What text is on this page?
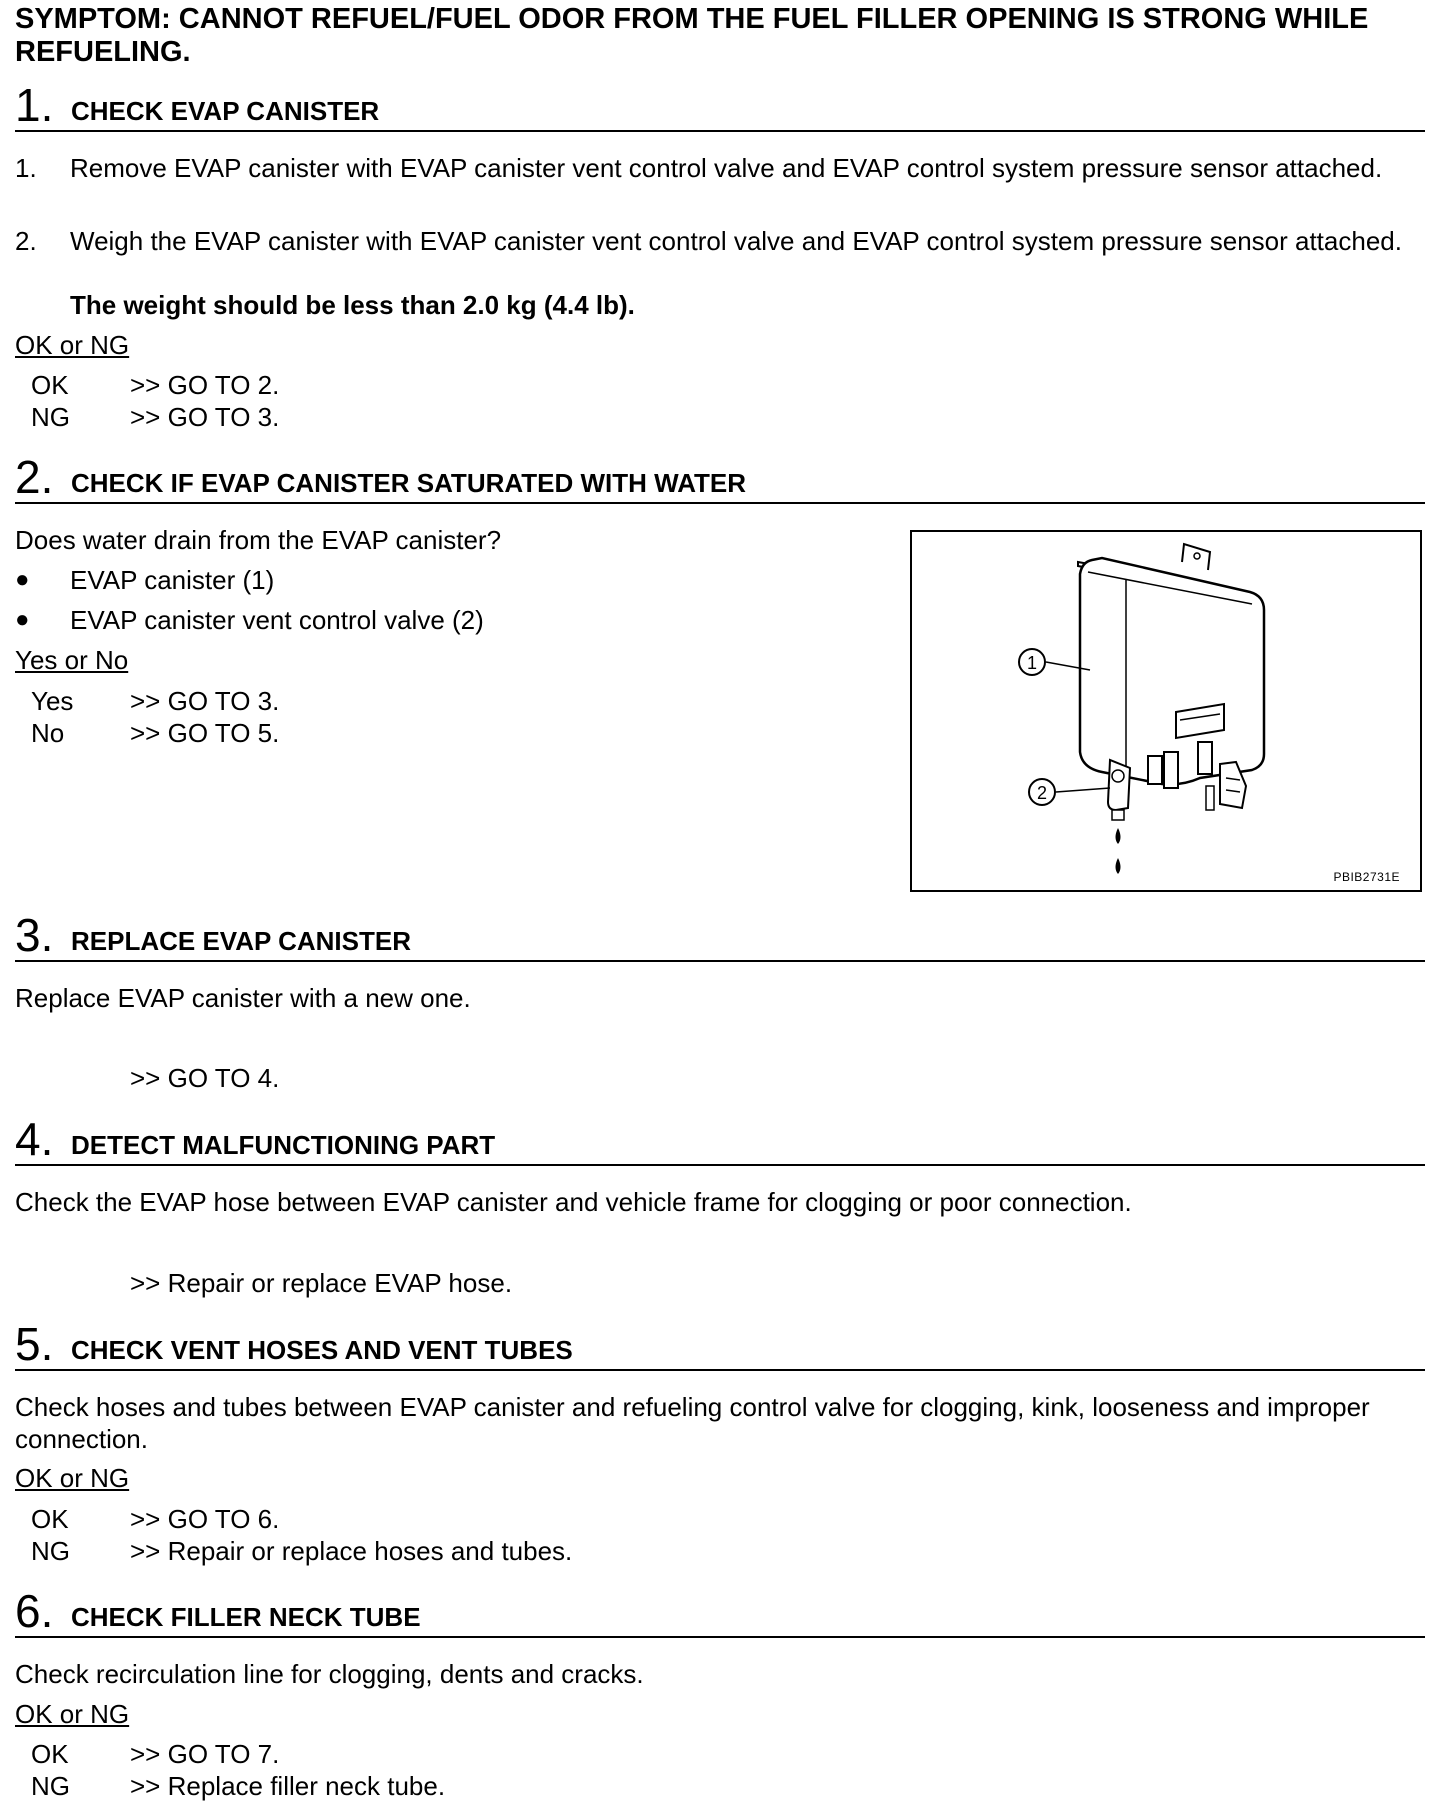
SYMPTOM: CANNOT REFUEL/FUEL ODOR FROM THE FUEL FILLER OPENING IS STRONG WHILE REFUELING.
1. CHECK EVAP CANISTER
1. Remove EVAP canister with EVAP canister vent control valve and EVAP control system pressure sensor attached.
2. Weigh the EVAP canister with EVAP canister vent control valve and EVAP control system pressure sensor attached.
The weight should be less than 2.0 kg (4.4 lb).
OK or NG
OK >> GO TO 2.
NG >> GO TO 3.
2. CHECK IF EVAP CANISTER SATURATED WITH WATER
Does water drain from the EVAP canister?
● EVAP canister (1)
● EVAP canister vent control valve (2)
Yes or No
Yes >> GO TO 3.
No	>> GO TO 5.
1
2
PBIB2731E
3. REPLACE EVAP CANISTER
Replace EVAP canister with a new one.
>> GO TO 4.
4. DETECT MALFUNCTIONING PART
Check the EVAP hose between EVAP canister and vehicle frame for clogging or poor connection.
>> Repair or replace EVAP hose.
5. CHECK VENT HOSES AND VENT TUBES
Check hoses and tubes between EVAP canister and refueling control valve for clogging, kink, looseness and improper connection.
OK or NG
OK >> GO TO 6.
NG >> Repair or replace hoses and tubes.
6. CHECK FILLER NECK TUBE
Check recirculation line for clogging, dents and cracks.
OK or NG
OK >> GO TO 7.
NG >> Replace filler neck tube.
